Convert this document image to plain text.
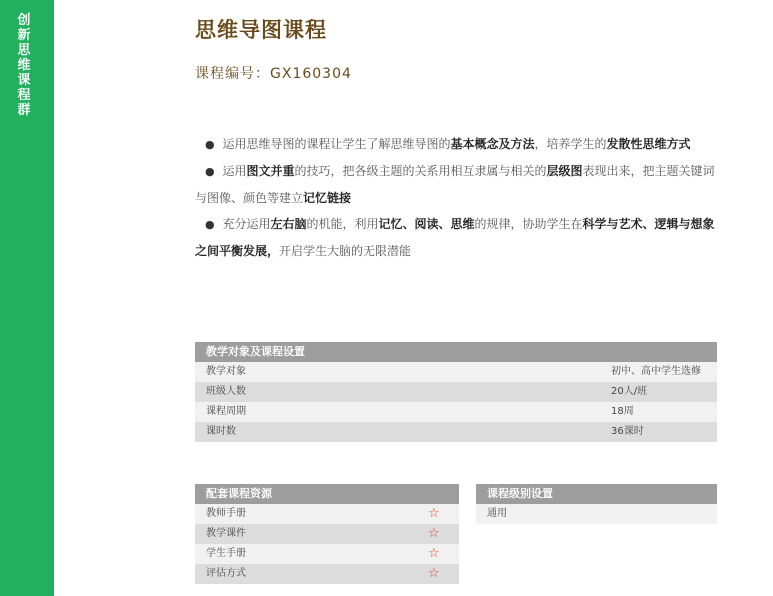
创新思维课程群
思维导图课程
课程编号：GX160304

● 运用思维导图的课程让学生了解思维导图的基本概念及方法，培养学生的发散性思维方式

● 运用图文并重的技巧，把各级主题的关系用相互隶属与相关的层级图表现出来，把主题关键词与图像、颜色等建立记忆链接

● 充分运用左右脑的机能，利用记忆、阅读、思维的规律，协助学生在科学与艺术、逻辑与想象之间平衡发展，开启学生大脑的无限潜能

教学对象及课程设置
教学对象	初中、高中学生选修
班级人数	20人/班
课程周期	18周
课时数	36课时
配套课程资源
教师手册	☆
教学课件	☆
学生手册	☆
评估方式	☆
课程级别设置
通用
